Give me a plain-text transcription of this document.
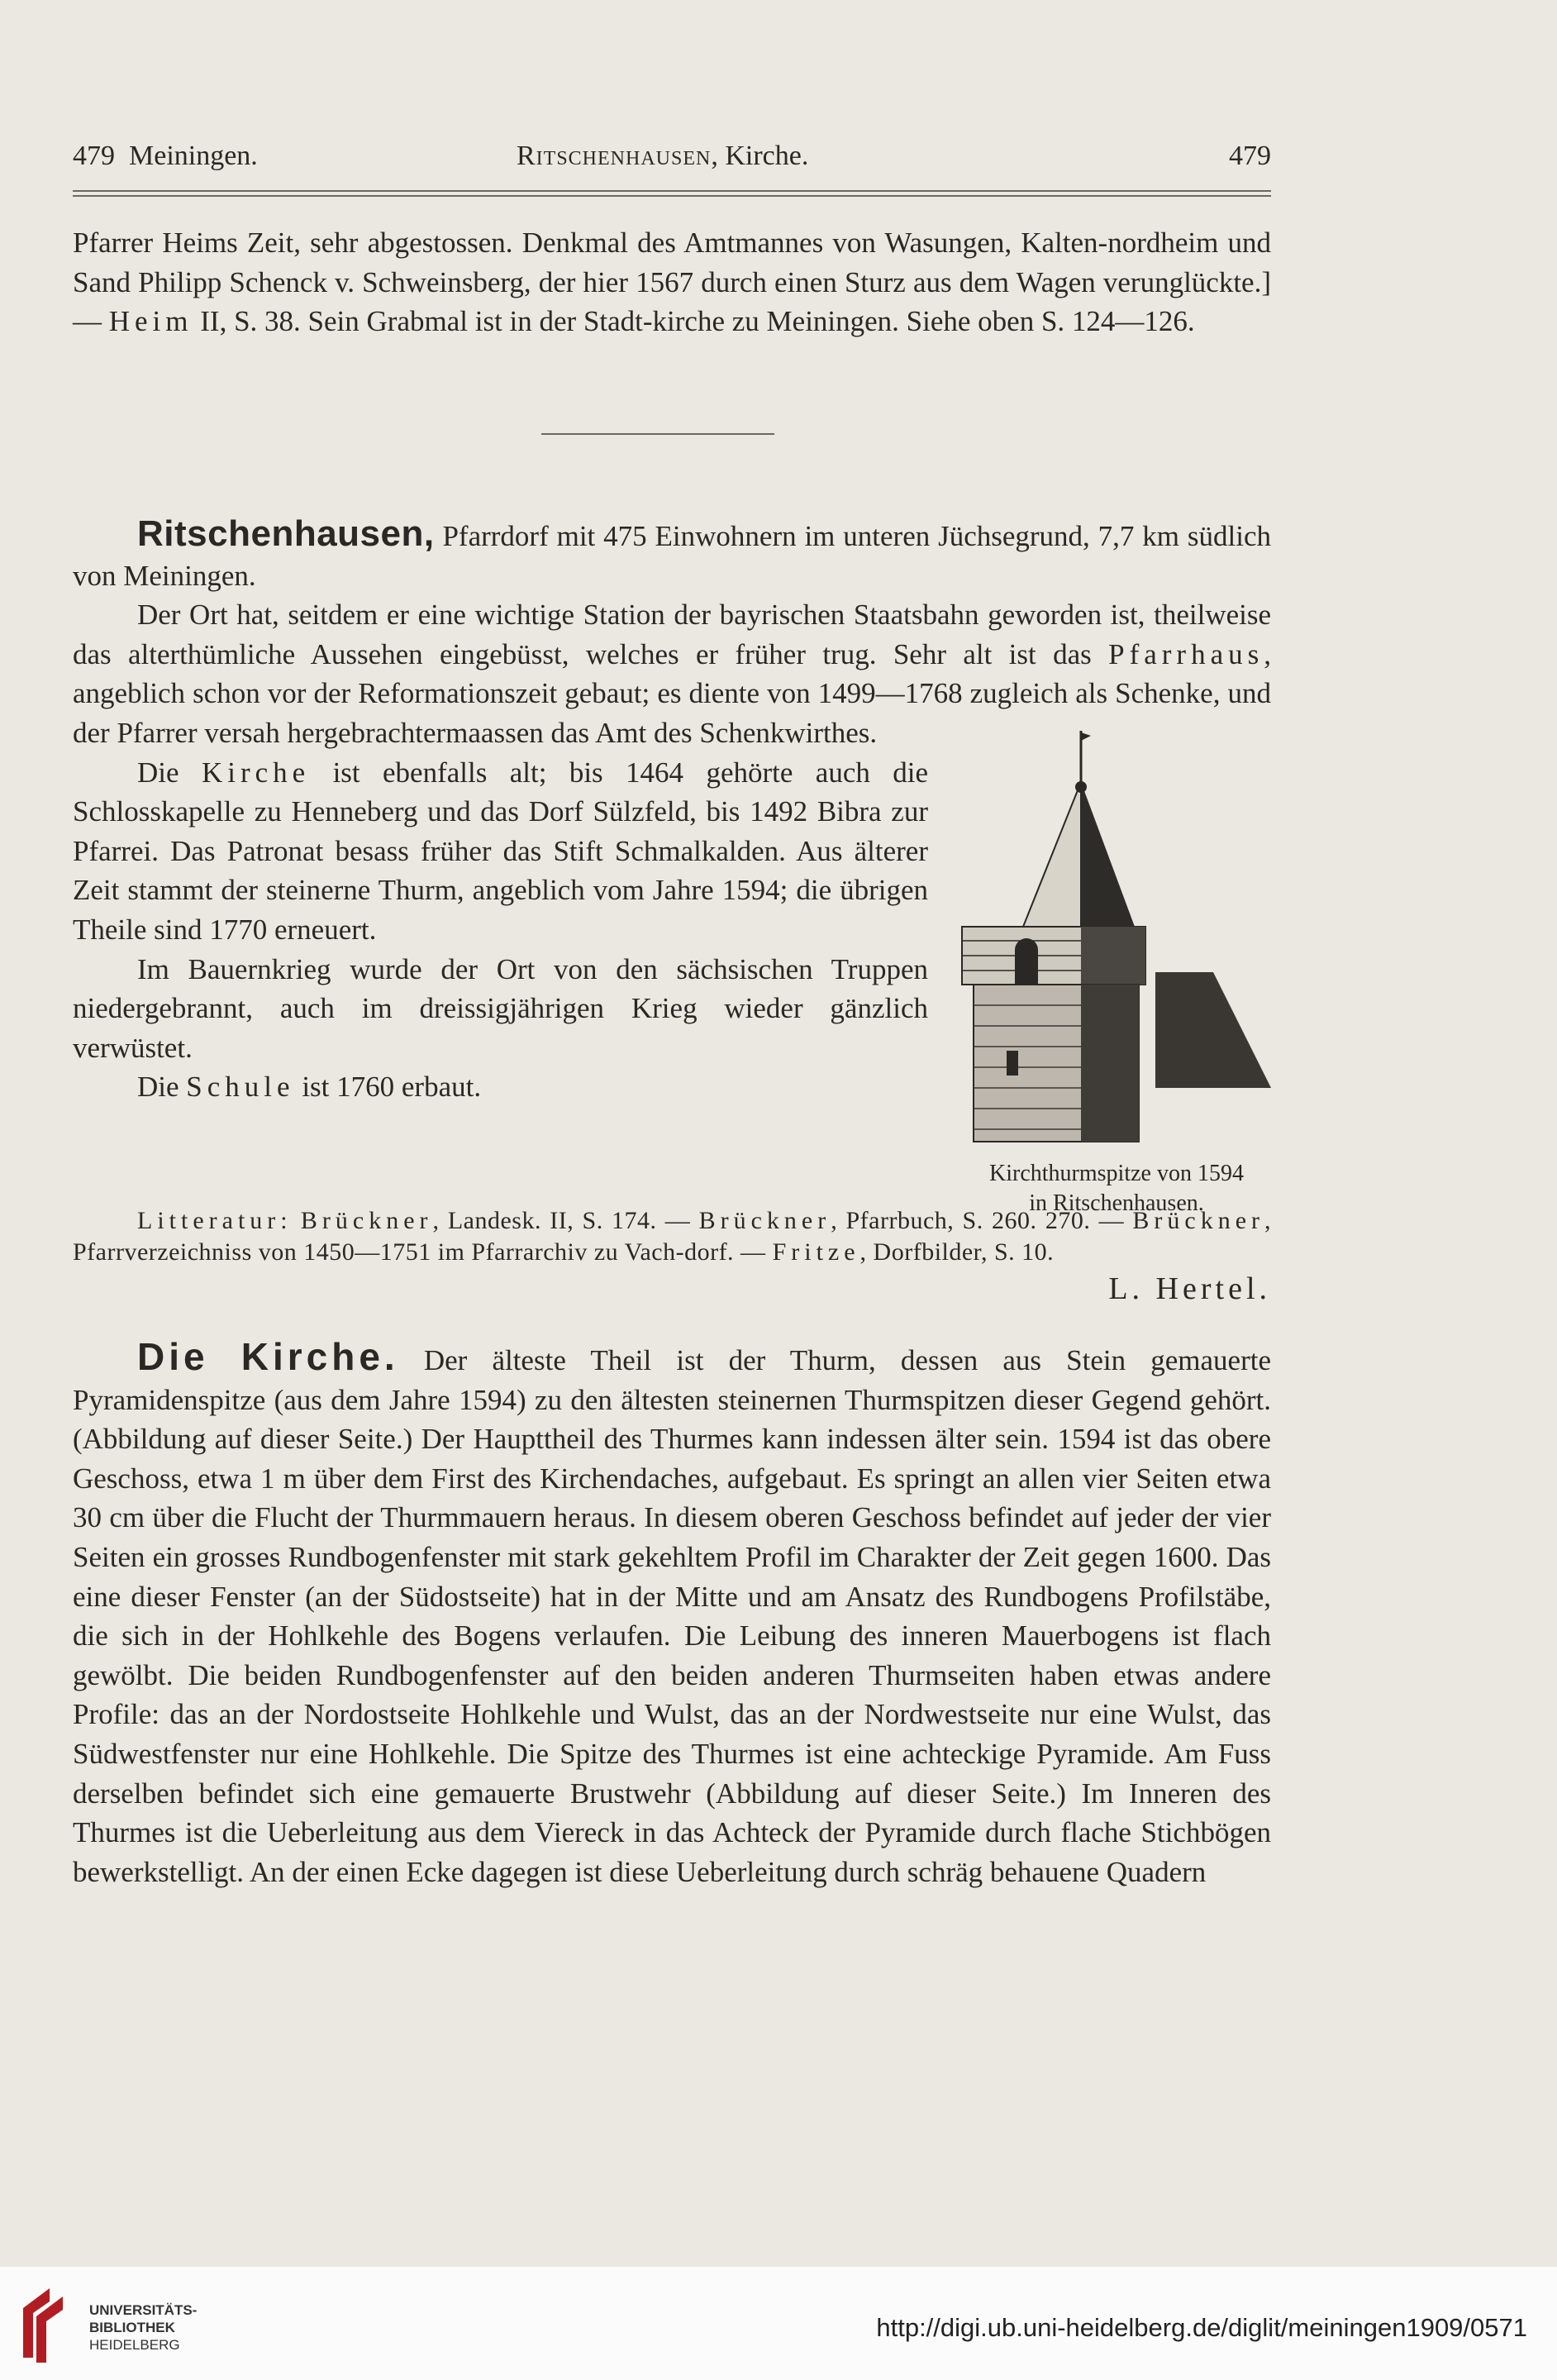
479 Meiningen.	Ritschenhausen, Kirche.	479

Pfarrer Heims Zeit, sehr abgestossen. Denkmal des Amtmannes von Wasungen, Kalten-nordheim und Sand Philipp Schenck v. Schweinsberg, der hier 1567 durch einen Sturz aus dem Wagen verunglückte.] — Heim II, S. 38. Sein Grabmal ist in der Stadt-kirche zu Meiningen. Siehe oben S. 124—126.

Ritschenhausen, Pfarrdorf mit 475 Einwohnern im unteren Jüchsegrund, 7,7 km südlich von Meiningen.

Der Ort hat, seitdem er eine wichtige Station der bayrischen Staatsbahn geworden ist, theilweise das alterthümliche Aussehen eingebüsst, welches er früher trug. Sehr alt ist das Pfarrhaus, angeblich schon vor der Reformationszeit gebaut; es diente von 1499—1768 zugleich als Schenke, und der Pfarrer versah hergebrachtermaassen das Amt des Schenkwirthes.

Die Kirche ist ebenfalls alt; bis 1464 gehörte auch die Schlosskapelle zu Henneberg und das Dorf Sülzfeld, bis 1492 Bibra zur Pfarrei. Das Patronat besass früher das Stift Schmalkalden. Aus älterer Zeit stammt der steinerne Thurm, angeblich vom Jahre 1594; die übrigen Theile sind 1770 erneuert.

Im Bauernkrieg wurde der Ort von den sächsischen Truppen niedergebrannt, auch im dreissigjährigen Krieg wieder gänzlich verwüstet.

Die Schule ist 1760 erbaut.

Litteratur: Brückner, Landesk. II, S. 174. — Brückner, Pfarrbuch, S. 260. 270. — Brückner, Pfarrverzeichniss von 1450—1751 im Pfarrarchiv zu Vach-dorf. — Fritze, Dorfbilder, S. 10.
L. Hertel.

Kirchthurmspitze von 1594
in Ritschenhausen.

Die Kirche. Der älteste Theil ist der Thurm, dessen aus Stein gemauerte Pyramidenspitze (aus dem Jahre 1594) zu den ältesten steinernen Thurmspitzen dieser Gegend gehört. (Abbildung auf dieser Seite.) Der Haupttheil des Thurmes kann indessen älter sein. 1594 ist das obere Geschoss, etwa 1 m über dem First des Kirchendaches, aufgebaut. Es springt an allen vier Seiten etwa 30 cm über die Flucht der Thurmmauern heraus. In diesem oberen Geschoss befindet auf jeder der vier Seiten ein grosses Rundbogenfenster mit stark gekehltem Profil im Charakter der Zeit gegen 1600. Das eine dieser Fenster (an der Südostseite) hat in der Mitte und am Ansatz des Rundbogens Profilstäbe, die sich in der Hohlkehle des Bogens verlaufen. Die Leibung des inneren Mauerbogens ist flach gewölbt. Die beiden Rundbogenfenster auf den beiden anderen Thurmseiten haben etwas andere Profile: das an der Nordostseite Hohlkehle und Wulst, das an der Nordwestseite nur eine Wulst, das Südwestfenster nur eine Hohlkehle. Die Spitze des Thurmes ist eine achteckige Pyramide. Am Fuss derselben befindet sich eine gemauerte Brustwehr (Abbildung auf dieser Seite.) Im Inneren des Thurmes ist die Ueberleitung aus dem Viereck in das Achteck der Pyramide durch flache Stichbögen bewerkstelligt. An der einen Ecke dagegen ist diese Ueberleitung durch schräg behauene Quadern

UNIVERSITÄTS-
BIBLIOTHEK
HEIDELBERG
http://digi.ub.uni-heidelberg.de/diglit/meiningen1909/0571
